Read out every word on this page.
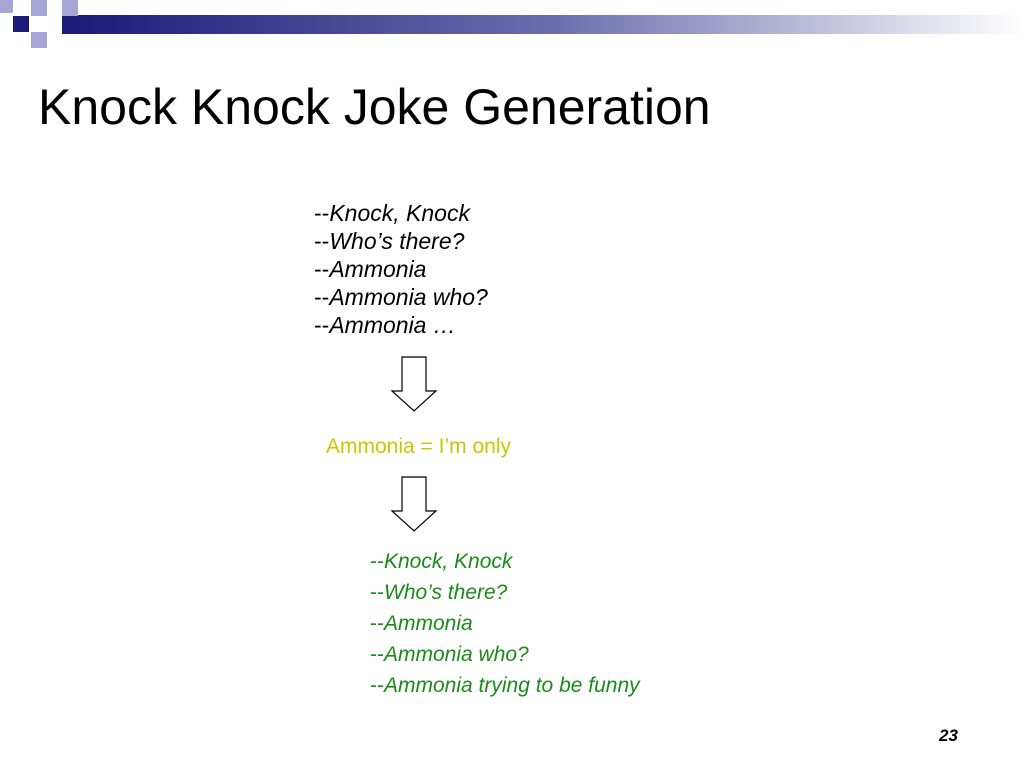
Knock Knock Joke Generation
--Knock, Knock
--Who’s there?
--Ammonia
--Ammonia who?
--Ammonia …
Ammonia = I’m only
--Knock, Knock
--Who’s there?
--Ammonia
--Ammonia who?
--Ammonia trying to be funny
23
